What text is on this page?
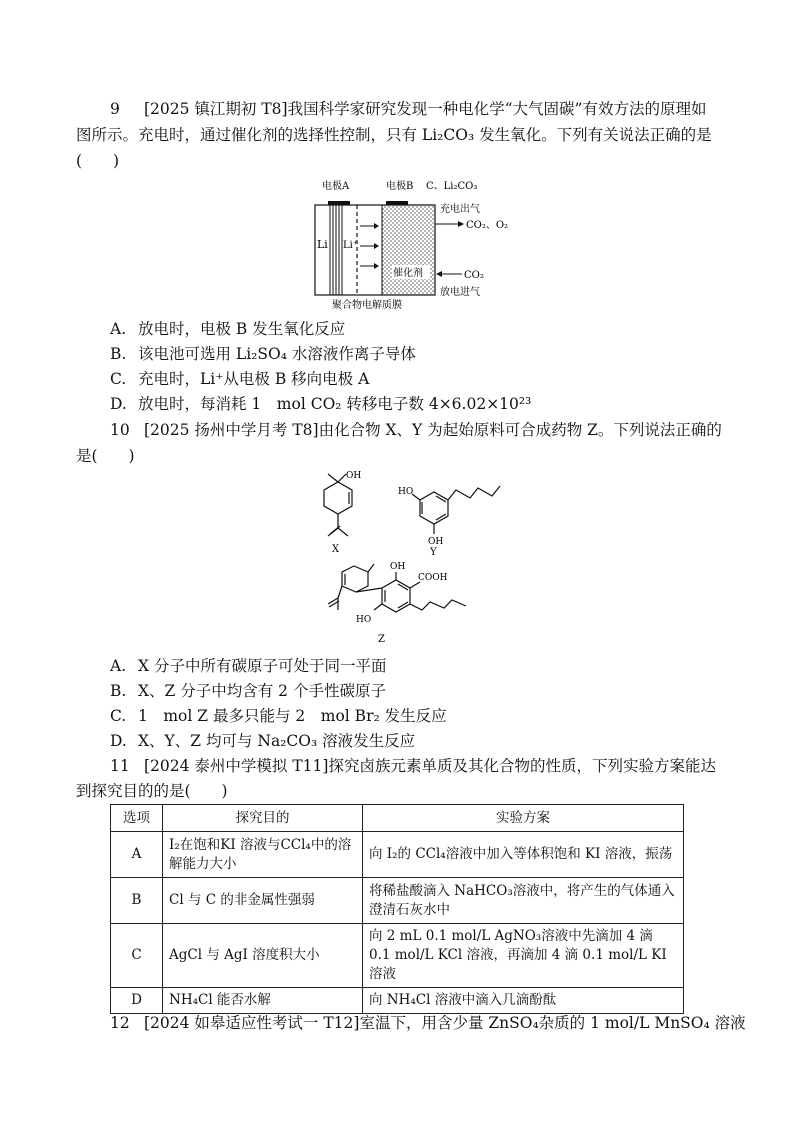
9 [2025 镇江期初 T8]我国科学家研究发现一种电化学“大气固碳”有效方法的原理如
图所示。充电时，通过催化剂的选择性控制，只有 Li₂CO₃ 发生氧化。下列有关说法正确的是
(　　)
电极A	电极B C、Li₂CO₃
Li Li⁺
催化剂
充电出气
CO₂、O₂
CO₂
放电进气
聚合物电解质膜
A. 放电时，电极 B 发生氧化反应
B. 该电池可选用 Li₂SO₄ 水溶液作离子导体
C. 充电时，Li⁺从电极 B 移向电极 A
D. 放电时，每消耗 1　mol CO₂ 转移电子数 4×6.02×10²³
10 [2025 扬州中学月考 T8]由化合物 X、Y 为起始原料可合成药物 Z。下列说法正确的
是(　　)
OH
X
HO
OH
Y
OH
COOH
HO
Z
A. X 分子中所有碳原子可处于同一平面
B. X、Z 分子中均含有 2 个手性碳原子
C. 1　mol Z 最多只能与 2　mol Br₂ 发生反应
D. X、Y、Z 均可与 Na₂CO₃ 溶液发生反应
11 [2024 泰州中学模拟 T11]探究卤族元素单质及其化合物的性质，下列实验方案能达
到探究目的的是(　　)
选项	探究目的	实验方案
A	I₂在饱和KI 溶液与CCl₄中的溶解能力大小	向 I₂的 CCl₄溶液中加入等体积饱和 KI 溶液，振荡
B	Cl 与 C 的非金属性强弱	将稀盐酸滴入 NaHCO₃溶液中，将产生的气体通入澄清石灰水中
C	AgCl 与 AgI 溶度积大小	向 2 mL 0.1 mol/L AgNO₃溶液中先滴加 4 滴 0.1 mol/L KCl 溶液，再滴加 4 滴 0.1 mol/L KI 溶液
D	NH₄Cl 能否水解	向 NH₄Cl 溶液中滴入几滴酚酞
12 [2024 如皋适应性考试一 T12]室温下，用含少量 ZnSO₄杂质的 1 mol/L MnSO₄ 溶液
